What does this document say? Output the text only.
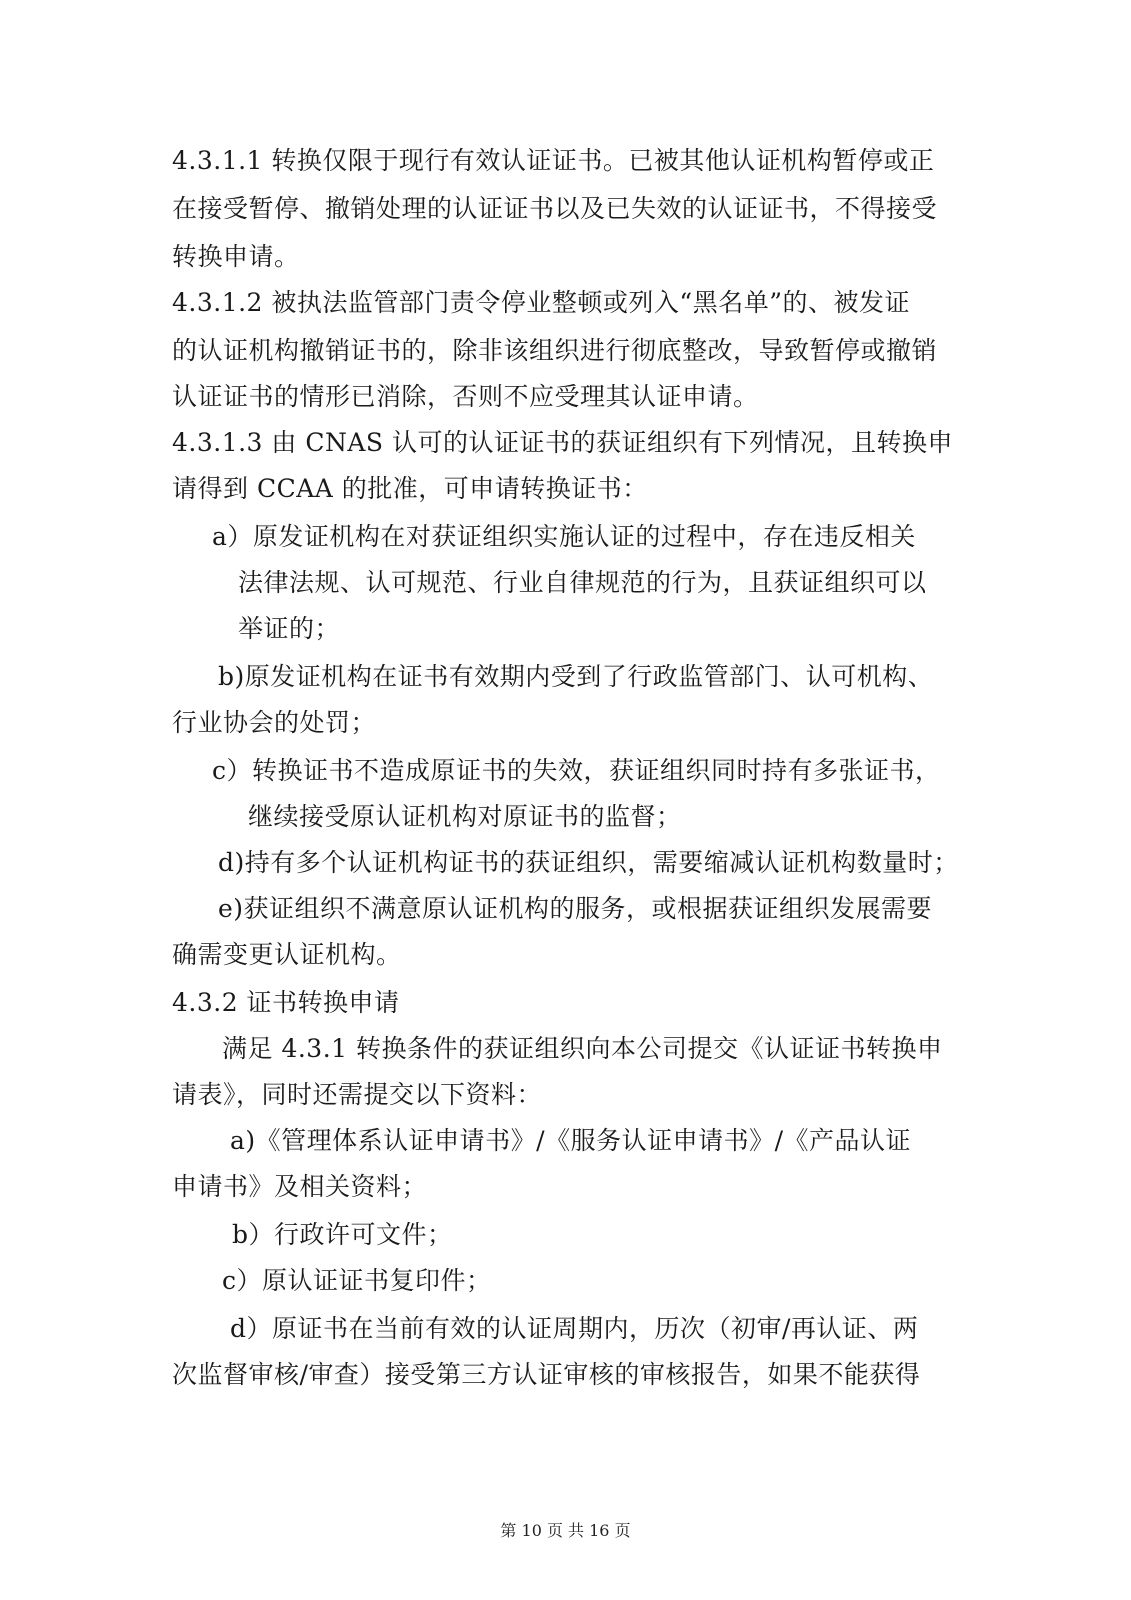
4.3.1.1 转换仅限于现行有效认证证书。已被其他认证机构暂停或正
在接受暂停、撤销处理的认证证书以及已失效的认证证书，不得接受
转换申请。
4.3.1.2 被执法监管部门责令停业整顿或列入“黑名单”的、被发证
的认证机构撤销证书的，除非该组织进行彻底整改，导致暂停或撤销
认证证书的情形已消除，否则不应受理其认证申请。
4.3.1.3 由 CNAS 认可的认证证书的获证组织有下列情况，且转换申
请得到 CCAA 的批准，可申请转换证书：
a）原发证机构在对获证组织实施认证的过程中，存在违反相关
法律法规、认可规范、行业自律规范的行为，且获证组织可以
举证的；
b)原发证机构在证书有效期内受到了行政监管部门、认可机构、
行业协会的处罚；
c）转换证书不造成原证书的失效，获证组织同时持有多张证书，
继续接受原认证机构对原证书的监督；
d)持有多个认证机构证书的获证组织，需要缩减认证机构数量时；
e)获证组织不满意原认证机构的服务，或根据获证组织发展需要
确需变更认证机构。
4.3.2 证书转换申请
满足 4.3.1 转换条件的获证组织向本公司提交《认证证书转换申
请表》，同时还需提交以下资料：
a)《管理体系认证申请书》/《服务认证申请书》/《产品认证
申请书》及相关资料；
b）行政许可文件；
c）原认证证书复印件；
d）原证书在当前有效的认证周期内，历次（初审/再认证、两
次监督审核/审查）接受第三方认证审核的审核报告，如果不能获得
第 10 页 共 16 页
